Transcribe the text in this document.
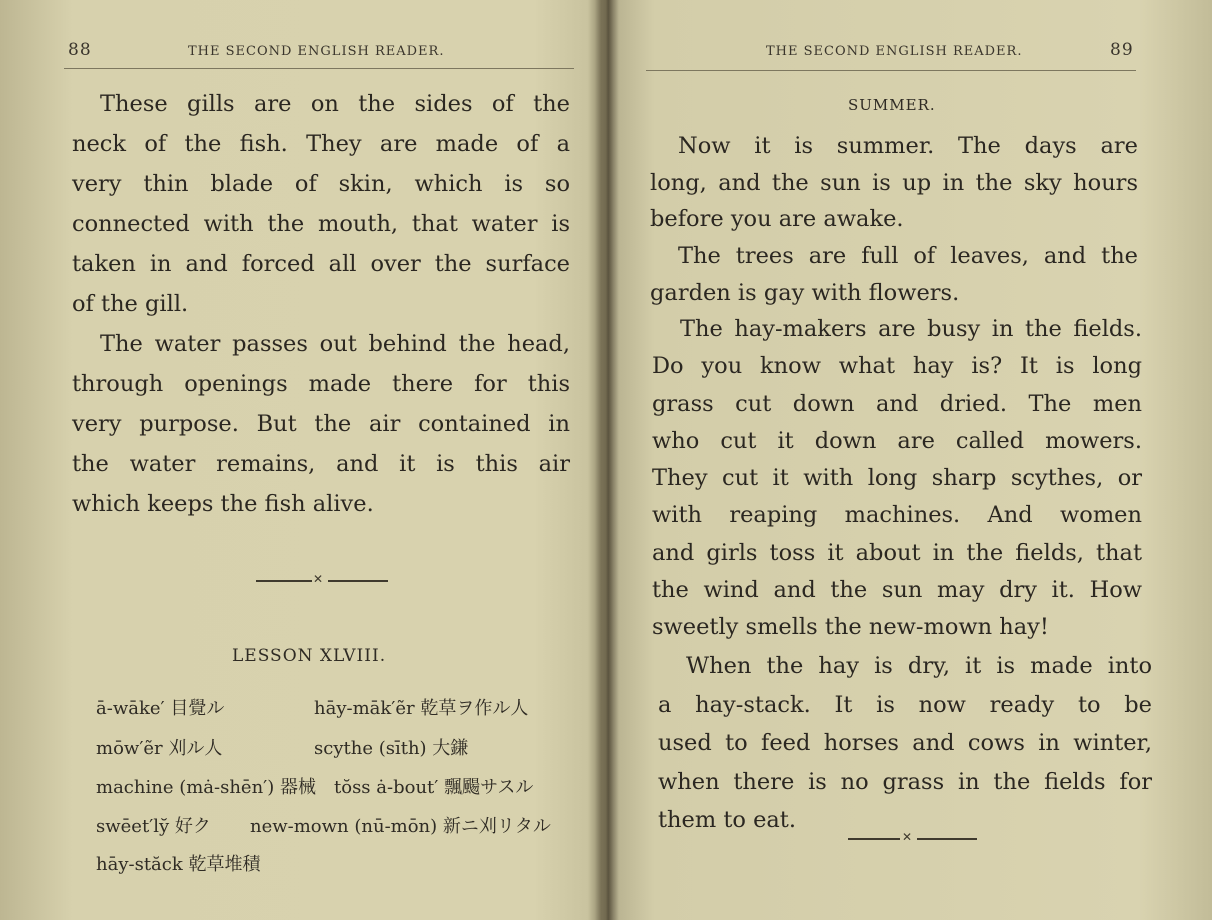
88	THE SECOND ENGLISH READER.
These gills are on the sides of the
neck of the fish. They are made of a
very thin blade of skin, which is so
connected with the mouth, that water is
taken in and forced all over the surface
of the gill.
The water passes out behind the head,
through openings made there for this
very purpose. But the air contained in
the water remains, and it is this air
which keeps the fish alive.
✕
LESSON XLVIII.
ā-wāke′ 目覺ル	hāy-māk′ẽr 乾草ヲ作ル人
mōw′ẽr 刈ル人	scythe (sīth) 大鎌
machine (mȧ-shēn′) 器械 tŏss ȧ-bout′ 飄颺サスル
swēet′ly̆ 好ク new-mown (nū-mōn) 新ニ刈リタル
hāy-stăck 乾草堆積
THE SECOND ENGLISH READER.	89
SUMMER.
Now it is summer. The days are
long, and the sun is up in the sky hours
before you are awake.
The trees are full of leaves, and the
garden is gay with flowers.
The hay-makers are busy in the fields.
Do you know what hay is? It is long
grass cut down and dried. The men
who cut it down are called mowers.
They cut it with long sharp scythes, or
with reaping machines. And women
and girls toss it about in the fields, that
the wind and the sun may dry it. How
sweetly smells the new-mown hay!
When the hay is dry, it is made into
a hay-stack. It is now ready to be
used to feed horses and cows in winter,
when there is no grass in the fields for
them to eat.
✕
